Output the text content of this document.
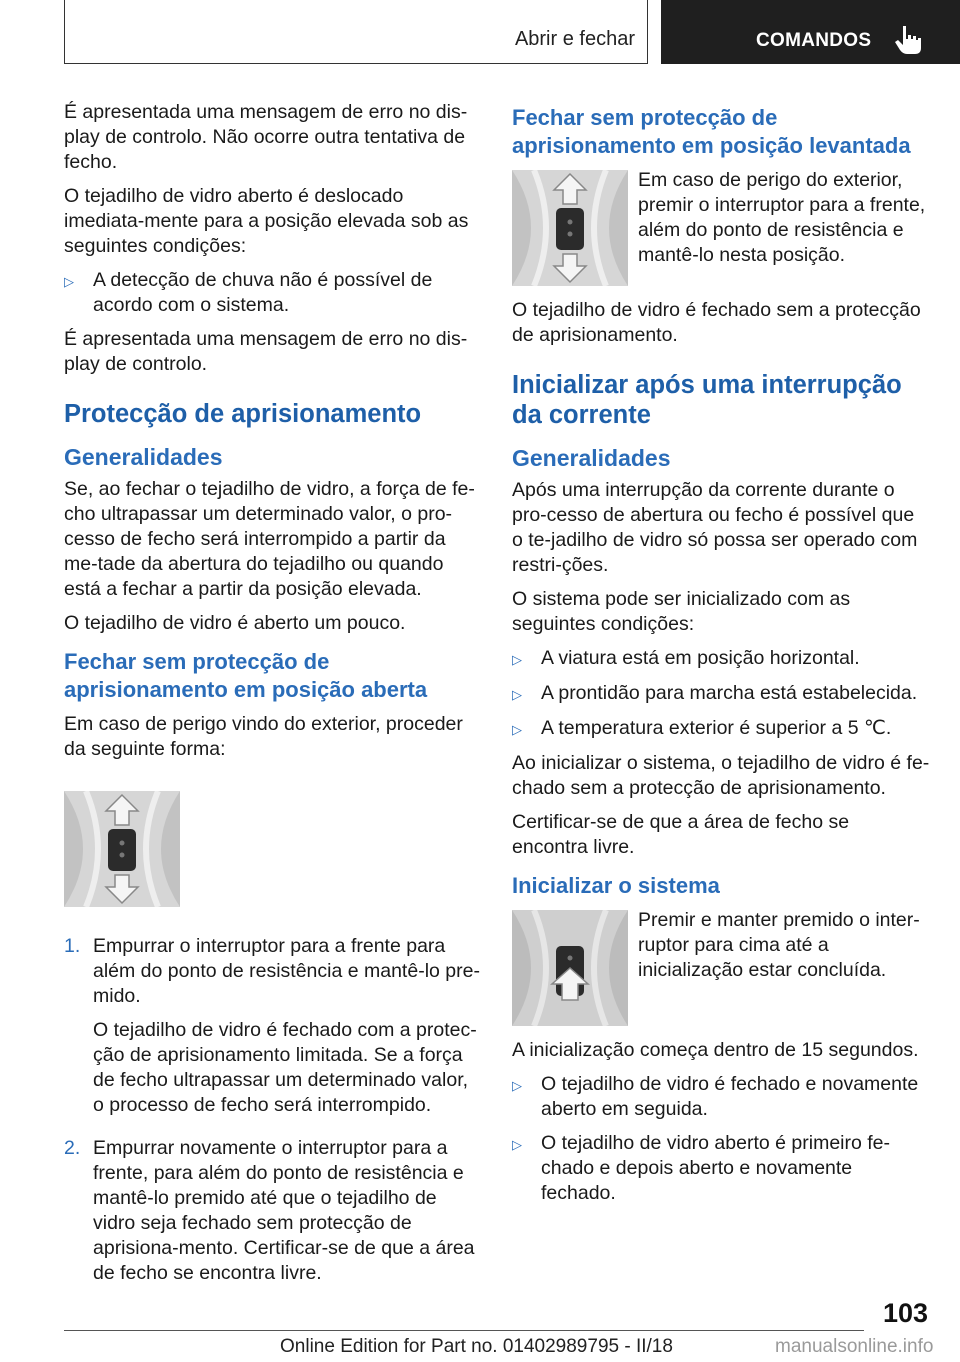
Abrir e fechar	COMANDOS

É apresentada uma mensagem de erro no dis-play de controlo. Não ocorre outra tentativa de fecho.

O tejadilho de vidro aberto é deslocado imediata-mente para a posição elevada sob as seguintes condições:

▷ A detecção de chuva não é possível de acordo com o sistema.

É apresentada uma mensagem de erro no dis-play de controlo.

Protecção de aprisionamento
Generalidades

Se, ao fechar o tejadilho de vidro, a força de fe-cho ultrapassar um determinado valor, o pro-cesso de fecho será interrompido a partir da me-tade da abertura do tejadilho ou quando está a fechar a partir da posição elevada.

O tejadilho de vidro é aberto um pouco.

Fechar sem protecção de aprisionamento em posição aberta

Em caso de perigo vindo do exterior, proceder da seguinte forma:

1. Empurrar o interruptor para a frente para além do ponto de resistência e mantê-lo pre-mido.

O tejadilho de vidro é fechado com a protec-ção de aprisionamento limitada. Se a força de fecho ultrapassar um determinado valor, o processo de fecho será interrompido.

2. Empurrar novamente o interruptor para a frente, para além do ponto de resistência e mantê-lo premido até que o tejadilho de vidro seja fechado sem protecção de aprisiona-mento. Certificar-se de que a área de fecho se encontra livre.

Fechar sem protecção de aprisionamento em posição levantada

Em caso de perigo do exterior, premir o interruptor para a frente, além do ponto de resistência e mantê-lo nesta posição.

O tejadilho de vidro é fechado sem a protecção de aprisionamento.

Inicializar após uma interrupção da corrente
Generalidades

Após uma interrupção da corrente durante o pro-cesso de abertura ou fecho é possível que o te-jadilho de vidro só possa ser operado com restri-ções.

O sistema pode ser inicializado com as seguintes condições:

▷ A viatura está em posição horizontal.
▷ A prontidão para marcha está estabelecida.
▷ A temperatura exterior é superior a 5 ℃.

Ao inicializar o sistema, o tejadilho de vidro é fe-chado sem a protecção de aprisionamento.

Certificar-se de que a área de fecho se encontra livre.

Inicializar o sistema

Premir e manter premido o inter-ruptor para cima até a inicialização estar concluída.

A inicialização começa dentro de 15 segundos.

▷ O tejadilho de vidro é fechado e novamente aberto em seguida.
▷ O tejadilho de vidro aberto é primeiro fe-chado e depois aberto e novamente fechado.
103
Online Edition for Part no. 01402989795 - II/18	manualsonline.info
